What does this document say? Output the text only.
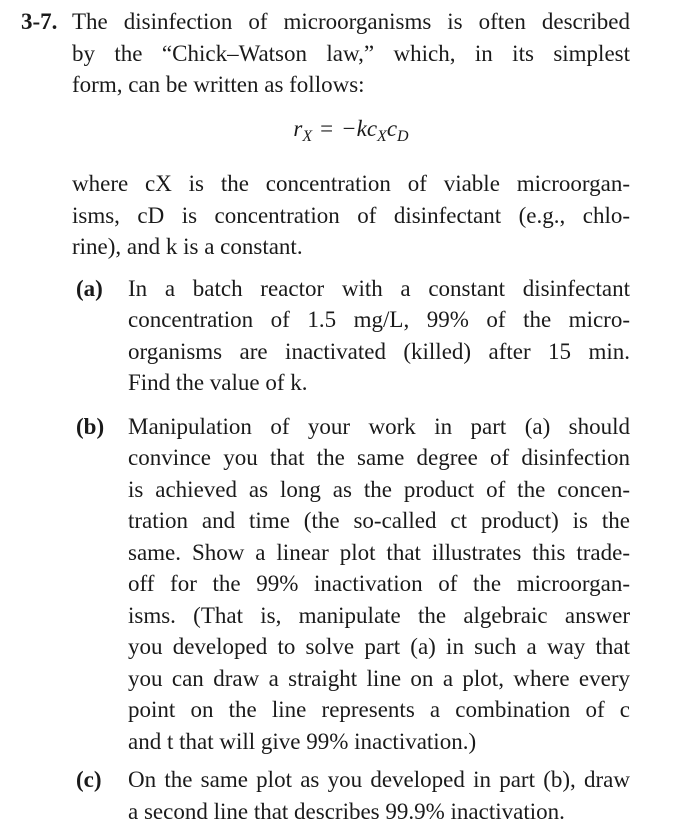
3-7. The disinfection of microorganisms is often described
by the “Chick–Watson law,” which, in its simplest
form, can be written as follows:
$r_X = -kc_Xc_D$
where cX is the concentration of viable microorgan-
isms, cD is concentration of disinfectant (e.g., chlo-
rine), and k is a constant.
(a) In a batch reactor with a constant disinfectant
concentration of 1.5 mg/L, 99% of the micro-
organisms are inactivated (killed) after 15 min.
Find the value of k.
(b) Manipulation of your work in part (a) should
convince you that the same degree of disinfection
is achieved as long as the product of the concen-
tration and time (the so-called ct product) is the
same. Show a linear plot that illustrates this trade-
off for the 99% inactivation of the microorgan-
isms. (That is, manipulate the algebraic answer
you developed to solve part (a) in such a way that
you can draw a straight line on a plot, where every
point on the line represents a combination of c
and t that will give 99% inactivation.)
(c) On the same plot as you developed in part (b), draw
a second line that describes 99.9% inactivation.
